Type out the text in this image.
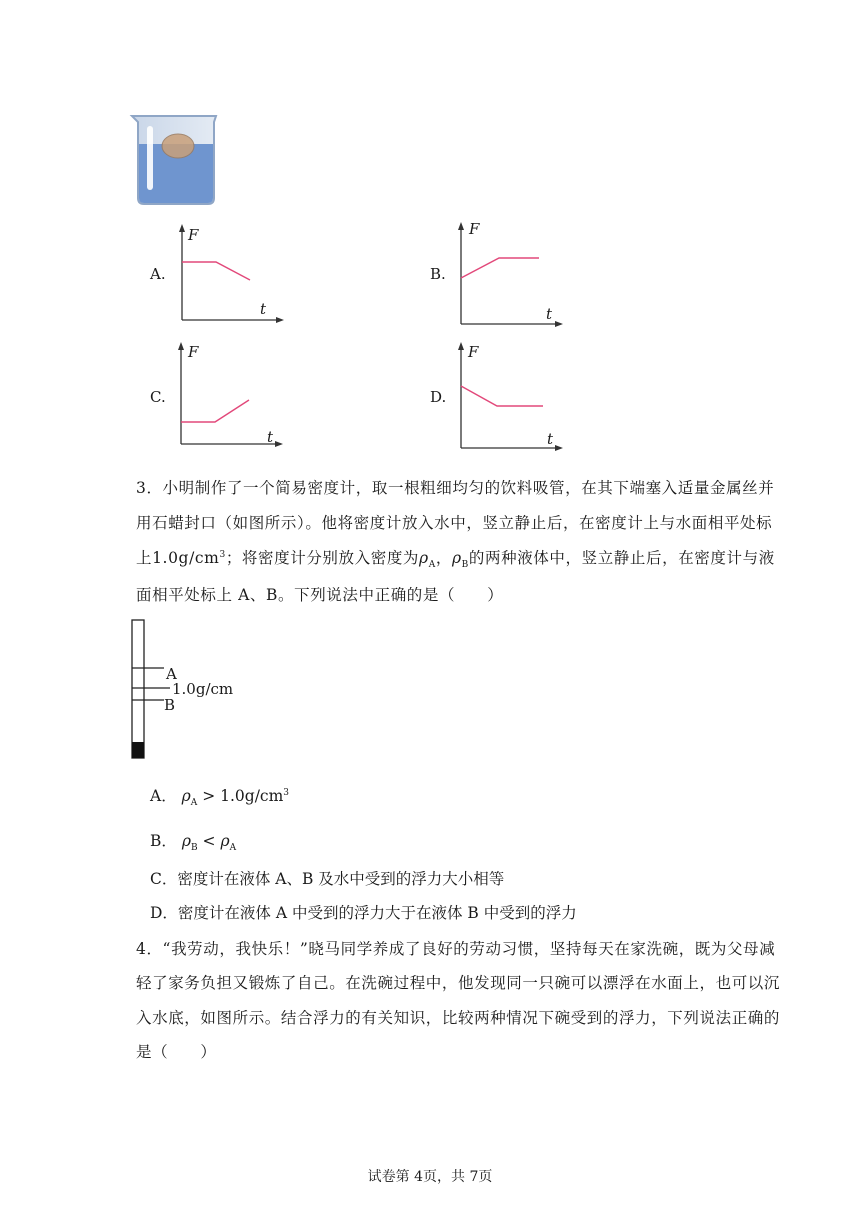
A.
F
t
B.
F
t
C.
F
t
D.
F
t
3．小明制作了一个简易密度计，取一根粗细均匀的饮料吸管，在其下端塞入适量金属丝并
用石蜡封口（如图所示）。他将密度计放入水中，竖立静止后，在密度计上与水面相平处标
上$1.0g/cm^3$；将密度计分别放入密度为$\rho_A$，$\rho_B$的两种液体中，竖立静止后，在密度计与液
面相平处标上 A、B。下列说法中正确的是（　　）
A
1.0g/cm
B
A． $\rho_A > 1.0g/cm^3$
B． $\rho_B < \rho_A$
C．密度计在液体 A、B 及水中受到的浮力大小相等
D．密度计在液体 A 中受到的浮力大于在液体 B 中受到的浮力
4．“我劳动，我快乐！”晓马同学养成了良好的劳动习惯，坚持每天在家洗碗，既为父母减
轻了家务负担又锻炼了自己。在洗碗过程中，他发现同一只碗可以漂浮在水面上，也可以沉
入水底，如图所示。结合浮力的有关知识，比较两种情况下碗受到的浮力，下列说法正确的
是（　　）
试卷第 4页，共 7页
